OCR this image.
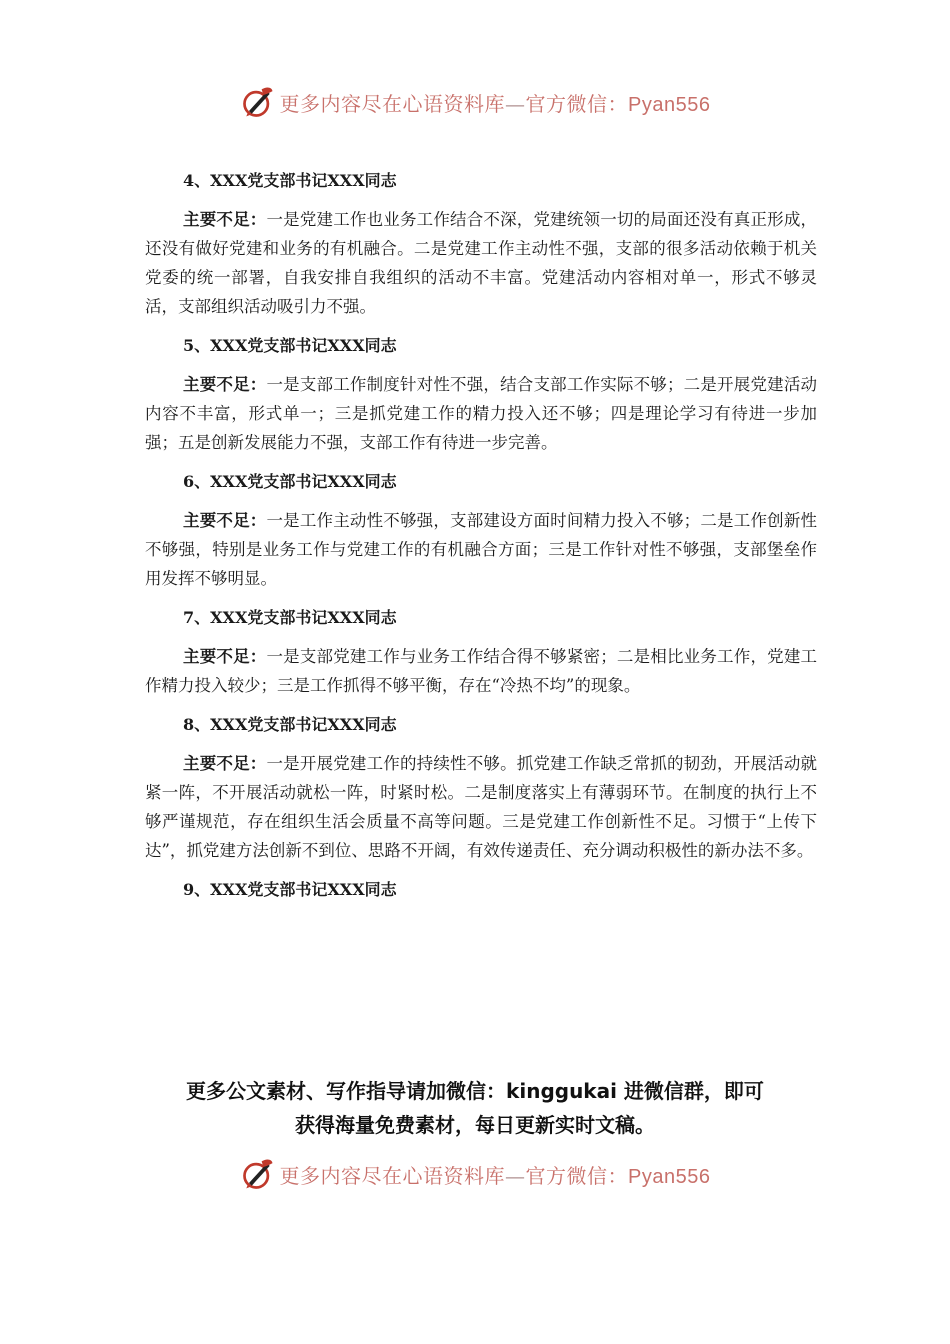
更多内容尽在心语资料库—官方微信：Pyan556
4、XXX党支部书记XXX同志
主要不足：一是党建工作也业务工作结合不深，党建统领一切的局面还没有真正形成，还没有做好党建和业务的有机融合。二是党建工作主动性不强，支部的很多活动依赖于机关党委的统一部署，自我安排自我组织的活动不丰富。党建活动内容相对单一，形式不够灵活，支部组织活动吸引力不强。
5、XXX党支部书记XXX同志
主要不足：一是支部工作制度针对性不强，结合支部工作实际不够；二是开展党建活动内容不丰富，形式单一；三是抓党建工作的精力投入还不够；四是理论学习有待进一步加强；五是创新发展能力不强，支部工作有待进一步完善。
6、XXX党支部书记XXX同志
主要不足：一是工作主动性不够强，支部建设方面时间精力投入不够；二是工作创新性不够强，特别是业务工作与党建工作的有机融合方面；三是工作针对性不够强，支部堡垒作用发挥不够明显。
7、XXX党支部书记XXX同志
主要不足：一是支部党建工作与业务工作结合得不够紧密；二是相比业务工作，党建工作精力投入较少；三是工作抓得不够平衡，存在“冷热不均”的现象。
8、XXX党支部书记XXX同志
主要不足：一是开展党建工作的持续性不够。抓党建工作缺乏常抓的韧劲，开展活动就紧一阵，不开展活动就松一阵，时紧时松。二是制度落实上有薄弱环节。在制度的执行上不够严谨规范，存在组织生活会质量不高等问题。三是党建工作创新性不足。习惯于“上传下达”，抓党建方法创新不到位、思路不开阔，有效传递责任、充分调动积极性的新办法不多。
9、XXX党支部书记XXX同志
更多公文素材、写作指导请加微信：kinggukai 进微信群，即可
获得海量免费素材，每日更新实时文稿。
更多内容尽在心语资料库—官方微信：Pyan556
